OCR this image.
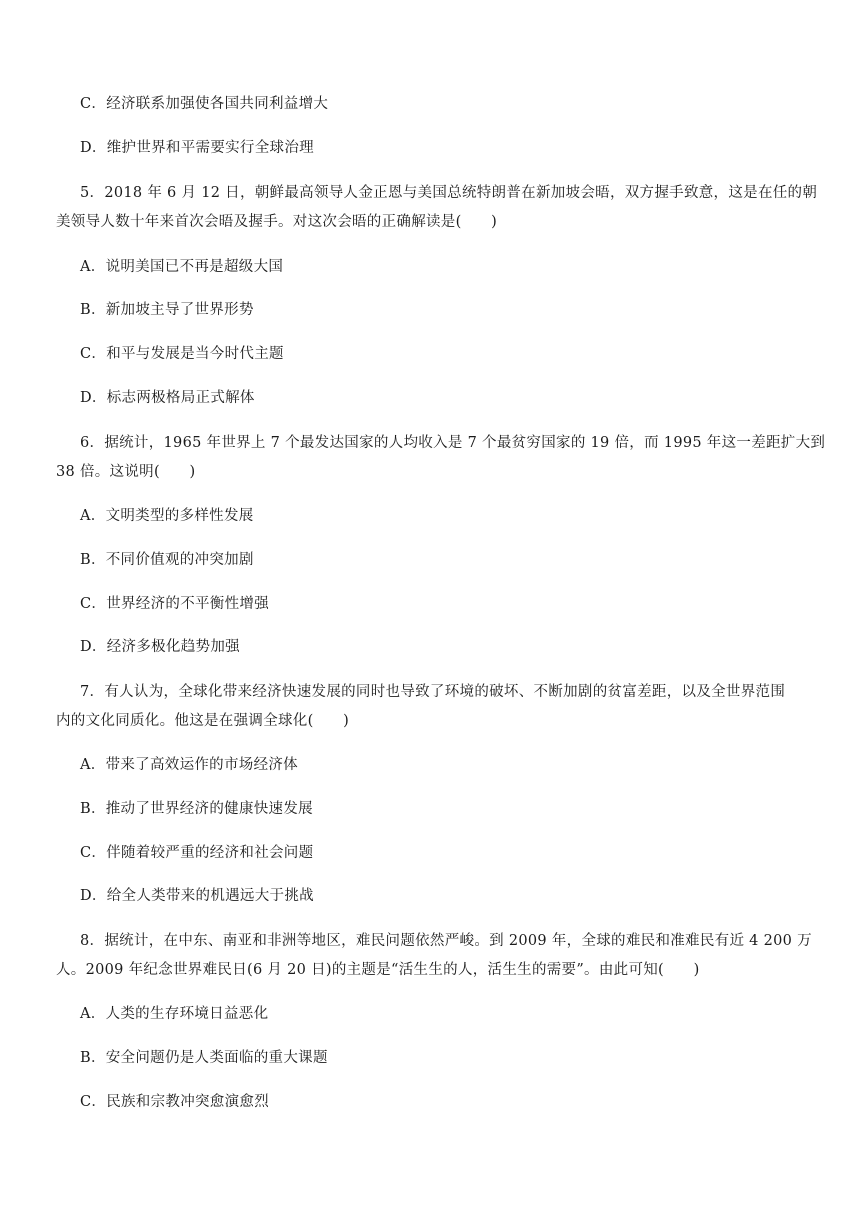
C．经济联系加强使各国共同利益增大

D．维护世界和平需要实行全球治理

5．2018 年 6 月 12 日，朝鲜最高领导人金正恩与美国总统特朗普在新加坡会晤，双方握手致意，这是在任的朝

美领导人数十年来首次会晤及握手。对这次会晤的正确解读是(　　)

A．说明美国已不再是超级大国

B．新加坡主导了世界形势

C．和平与发展是当今时代主题

D．标志两极格局正式解体

6．据统计，1965 年世界上 7 个最发达国家的人均收入是 7 个最贫穷国家的 19 倍，而 1995 年这一差距扩大到

38 倍。这说明(　　)

A．文明类型的多样性发展

B．不同价值观的冲突加剧

C．世界经济的不平衡性增强

D．经济多极化趋势加强

7．有人认为，全球化带来经济快速发展的同时也导致了环境的破坏、不断加剧的贫富差距，以及全世界范围

内的文化同质化。他这是在强调全球化(　　)

A．带来了高效运作的市场经济体

B．推动了世界经济的健康快速发展

C．伴随着较严重的经济和社会问题

D．给全人类带来的机遇远大于挑战

8．据统计，在中东、南亚和非洲等地区，难民问题依然严峻。到 2009 年，全球的难民和准难民有近 4 200 万

人。2009 年纪念世界难民日(6 月 20 日)的主题是“活生生的人，活生生的需要”。由此可知(　　)

A．人类的生存环境日益恶化

B．安全问题仍是人类面临的重大课题

C．民族和宗教冲突愈演愈烈
